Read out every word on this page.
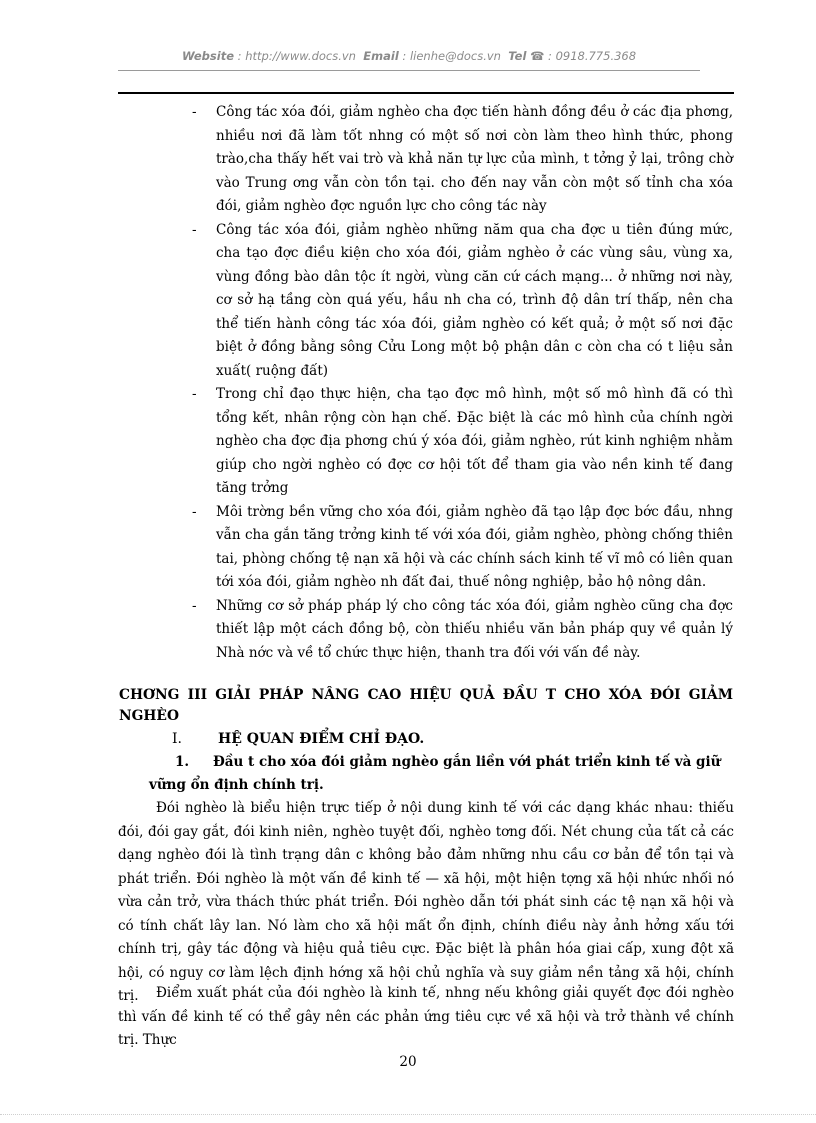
Website : http://www.docs.vn Email : lienhe@docs.vn Tel ☎ : 0918.775.368
- Công tác xóa đói, giảm nghèo cha đợc tiến hành đồng đều ở các địa phơng, nhiều nơi đã làm tốt nhng có một số nơi còn làm theo hình thức, phong trào,cha thấy hết vai trò và khả năn tự lực của mình, t tởng ỷ lại, trông chờ vào Trung ơng vẫn còn tồn tại. cho đến nay vẫn còn một số tỉnh cha xóa đói, giảm nghèo đợc nguồn lực cho công tác này
- Công tác xóa đói, giảm nghèo những năm qua cha đợc u tiên đúng mức, cha tạo đợc điều kiện cho xóa đói, giảm nghèo ở các vùng sâu, vùng xa, vùng đồng bào dân tộc ít ngời, vùng căn cứ cách mạng... ở những nơi này, cơ sở hạ tầng còn quá yếu, hầu nh cha có, trình độ dân trí thấp, nên cha thể tiến hành công tác xóa đói, giảm nghèo có kết quả; ở một số nơi đặc biệt ở đồng bằng sông Cửu Long một bộ phận dân c còn cha có t liệu sản xuất( ruộng đất)
- Trong chỉ đạo thực hiện, cha tạo đợc mô hình, một số mô hình đã có thì tổng kết, nhân rộng còn hạn chế. Đặc biệt là các mô hình của chính ngời nghèo cha đợc địa phơng chú ý xóa đói, giảm nghèo, rút kinh nghiệm nhằm giúp cho ngời nghèo có đợc cơ hội tốt để tham gia vào nền kinh tế đang tăng trởng
- Môi trờng bền vững cho xóa đói, giảm nghèo đã tạo lập đợc bớc đầu, nhng vẫn cha gắn tăng trởng kinh tế với xóa đói, giảm nghèo, phòng chống thiên tai, phòng chống tệ nạn xã hội và các chính sách kinh tế vĩ mô có liên quan tới xóa đói, giảm nghèo nh đất đai, thuế nông nghiệp, bảo hộ nông dân.
- Những cơ sở pháp pháp lý cho công tác xóa đói, giảm nghèo cũng cha đợc thiết lập một cách đồng bộ, còn thiếu nhiều văn bản pháp quy về quản lý Nhà nớc và về tổ chức thực hiện, thanh tra đối với vấn đề này.
CHƠNG III GIẢI PHÁP NÂNG CAO HIỆU QUẢ ĐẦU T CHO XÓA ĐÓI GIẢM NGHÈO
I.	HỆ QUAN ĐIỂM CHỈ ĐẠO.
1. Đầu t cho xóa đói giảm nghèo gắn liền với phát triển kinh tế và giữ vững ổn định chính trị.

Đói nghèo là biểu hiện trực tiếp ở nội dung kinh tế với các dạng khác nhau: thiếu đói, đói gay gắt, đói kinh niên, nghèo tuyệt đối, nghèo tơng đối. Nét chung của tất cả các dạng nghèo đói là tình trạng dân c không bảo đảm những nhu cầu cơ bản để tồn tại và phát triển. Đói nghèo là một vấn đề kinh tế — xã hội, một hiện tợng xã hội nhức nhối nó vừa cản trở, vừa thách thức phát triển. Đói nghèo dẫn tới phát sinh các tệ nạn xã hội và có tính chất lây lan. Nó làm cho xã hội mất ổn định, chính điều này ảnh hởng xấu tới chính trị, gây tác động và hiệu quả tiêu cực. Đặc biệt là phân hóa giai cấp, xung đột xã hội, có nguy cơ làm lệch định hớng xã hội chủ nghĩa và suy giảm nền tảng xã hội, chính trị.	Điểm xuất phát của đói nghèo là kinh tế, nhng nếu không giải quyết đợc đói nghèo thì vấn đề kinh tế có thể gây nên các phản ứng tiêu cực về xã hội và trở thành về chính trị. Thực

20
